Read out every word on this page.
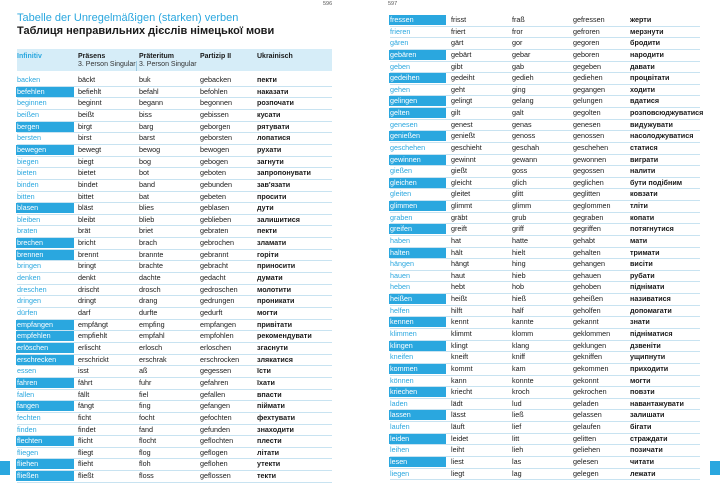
596	597
Tabelle der Unregelmäßigen (starken) verben
Таблиця неправильних дієслів німецької мови
Infinitiv	Präsens
3. Person Singular
Präteritum
3. Person Singular
Partizip II	Ukrainisch
backen	bäckt	buk	gebacken	пекти
befehlen	befiehlt	befahl	befohlen	наказати
beginnen	beginnt	begann	begonnen	розпочати
beißen	beißt	biss	gebissen	кусати
bergen	birgt	barg	geborgen	рятувати
bersten	birst	barst	geborsten	лопатися
bewegen	bewegt	bewog	bewogen	рухати
biegen	biegt	bog	gebogen	загнути
bieten	bietet	bot	geboten	запропонувати
binden	bindet	band	gebunden	зав'язати
bitten	bittet	bat	gebeten	просити
blasen	bläst	blies	geblasen	дути
bleiben	bleibt	blieb	geblieben	залишитися
braten	brät	briet	gebraten	пекти
brechen	bricht	brach	gebrochen	зламати
brennen	brennt	brannte	gebrannt	горіти
bringen	bringt	brachte	gebracht	приносити
denken	denkt	dachte	gedacht	думати
dreschen	drischt	drosch	gedroschen	молотити
dringen	dringt	drang	gedrungen	проникати
dürfen	darf	durfte	gedurft	могти
empfangen	empfängt	empfing	empfangen	привітати
empfehlen	empfiehlt	empfahl	empfohlen	рекомендувати
erlöschen	erlischt	erlosch	erloschen	згаснути
erschrecken	erschrickt	erschrak	erschrocken злякатися
essen	isst	aß	gegessen	їсти
fahren	fährt	fuhr	gefahren	їхати
fallen	fällt	fiel	gefallen	впасти
fangen	fängt	fing	gefangen	піймати
fechten	ficht	focht	gefochten	фехтувати
finden	findet	fand	gefunden	знаходити
flechten	flicht	flocht	geflochten	плести
fliegen	fliegt	flog	geflogen	літати
fliehen	flieht	floh	geflohen	утекти
fließen	fließt	floss	geflossen	текти
fressen	frisst	fraß	gefressen	жерти
frieren	friert	fror	gefroren	мерзнути
gären	gärt	gor	gegoren	бродити
gebären	gebärt	gebar	geboren	народити
geben	gibt	gab	gegeben	давати
gedeihen	gedeiht	gedieh	gediehen	процвітати
gehen	geht	ging	gegangen	ходити
gelingen	gelingt	gelang	gelungen	вдатися
gelten	gilt	galt	gegolten	розповсюджуватися
genesen	genest	genas	genesen	видужувати
genießen	genießt	genoss	genossen	насолоджуватися
geschehen	geschieht	geschah	geschehen	статися
gewinnen	gewinnt	gewann	gewonnen	виграти
gießen	gießt	goss	gegossen	налити
gleichen	gleicht	glich	geglichen	бути подібним
gleiten	gleitet	glitt	geglitten	ковзати
glimmen	glimmt	glimm	geglommen	тліти
graben	gräbt	grub	gegraben	копати
greifen	greift	griff	gegriffen	потягнутися
haben	hat	hatte	gehabt	мати
halten	hält	hielt	gehalten	тримати
hängen	hängt	hing	gehangen	висіти
hauen	haut	hieb	gehauen	рубати
heben	hebt	hob	gehoben	піднімати
heißen	heißt	hieß	geheißen	називатися
helfen	hilft	half	geholfen	допомагати
kennen	kennt	kannte	gekannt	знати
klimmen	klimmt	klomm	geklommen	підніматися
klingen	klingt	klang	geklungen	дзвеніти
kneifen	kneift	kniff	gekniffen	ущипнути
kommen	kommt	kam	gekommen	приходити
können	kann	konnte	gekonnt	могти
kriechen	kriecht	kroch	gekrochen	повзти
laden	lädt	lud	geladen	навантажувати
lassen	lässt	ließ	gelassen	залишати
laufen	läuft	lief	gelaufen	бігати
leiden	leidet	litt	gelitten	страждати
leihen	leiht	lieh	geliehen	позичати
lesen	liest	las	gelesen	читати
liegen	liegt	lag	gelegen	лежати
